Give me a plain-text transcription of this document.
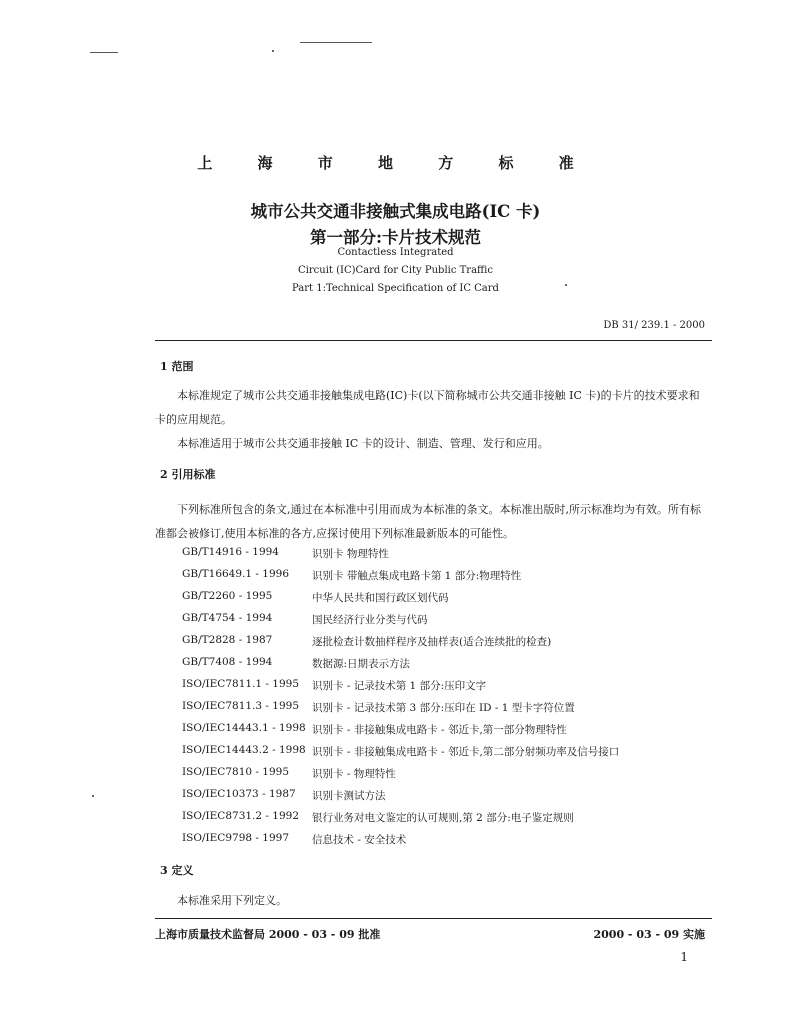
上 海 市 地 方 标 准
城市公共交通非接触式集成电路(IC 卡)
第一部分:卡片技术规范
Contactless Integrated
Circuit (IC)Card for City Public Traffic
Part 1:Technical Specification of IC Card
DB 31/ 239.1 - 2000
1 范围
本标准规定了城市公共交通非接触集成电路(IC)卡(以下简称城市公共交通非接触 IC 卡)的卡片的技术要求和卡的应用规范。
本标准适用于城市公共交通非接触 IC 卡的设计、制造、管理、发行和应用。
2 引用标准
下列标准所包含的条文,通过在本标准中引用而成为本标准的条文。本标准出版时,所示标准均为有效。所有标准都会被修订,使用本标准的各方,应探讨使用下列标准最新版本的可能性。
GB/T14916 - 1994	识别卡 物理特性
GB/T16649.1 - 1996 识别卡 带触点集成电路卡第 1 部分:物理特性
GB/T2260 - 1995	中华人民共和国行政区划代码
GB/T4754 - 1994	国民经济行业分类与代码
GB/T2828 - 1987	逐批检查计数抽样程序及抽样表(适合连续批的检查)
GB/T7408 - 1994	数据源:日期表示方法
ISO/IEC7811.1 - 1995 识别卡 - 记录技术第 1 部分:压印文字
ISO/IEC7811.3 - 1995 识别卡 - 记录技术第 3 部分:压印在 ID - 1 型卡字符位置
ISO/IEC14443.1 - 1998 识别卡 - 非接触集成电路卡 - 邻近卡,第一部分物理特性
ISO/IEC14443.2 - 1998 识别卡 - 非接触集成电路卡 - 邻近卡,第二部分射频功率及信号接口
ISO/IEC7810 - 1995 识别卡 - 物理特性
ISO/IEC10373 - 1987 识别卡测试方法
ISO/IEC8731.2 - 1992 银行业务对电文鉴定的认可规则,第 2 部分:电子鉴定规则
ISO/IEC9798 - 1997 信息技术 - 安全技术
3 定义
本标准采用下列定义。
上海市质量技术监督局 2000 - 03 - 09 批准	2000 - 03 - 09 实施
1
